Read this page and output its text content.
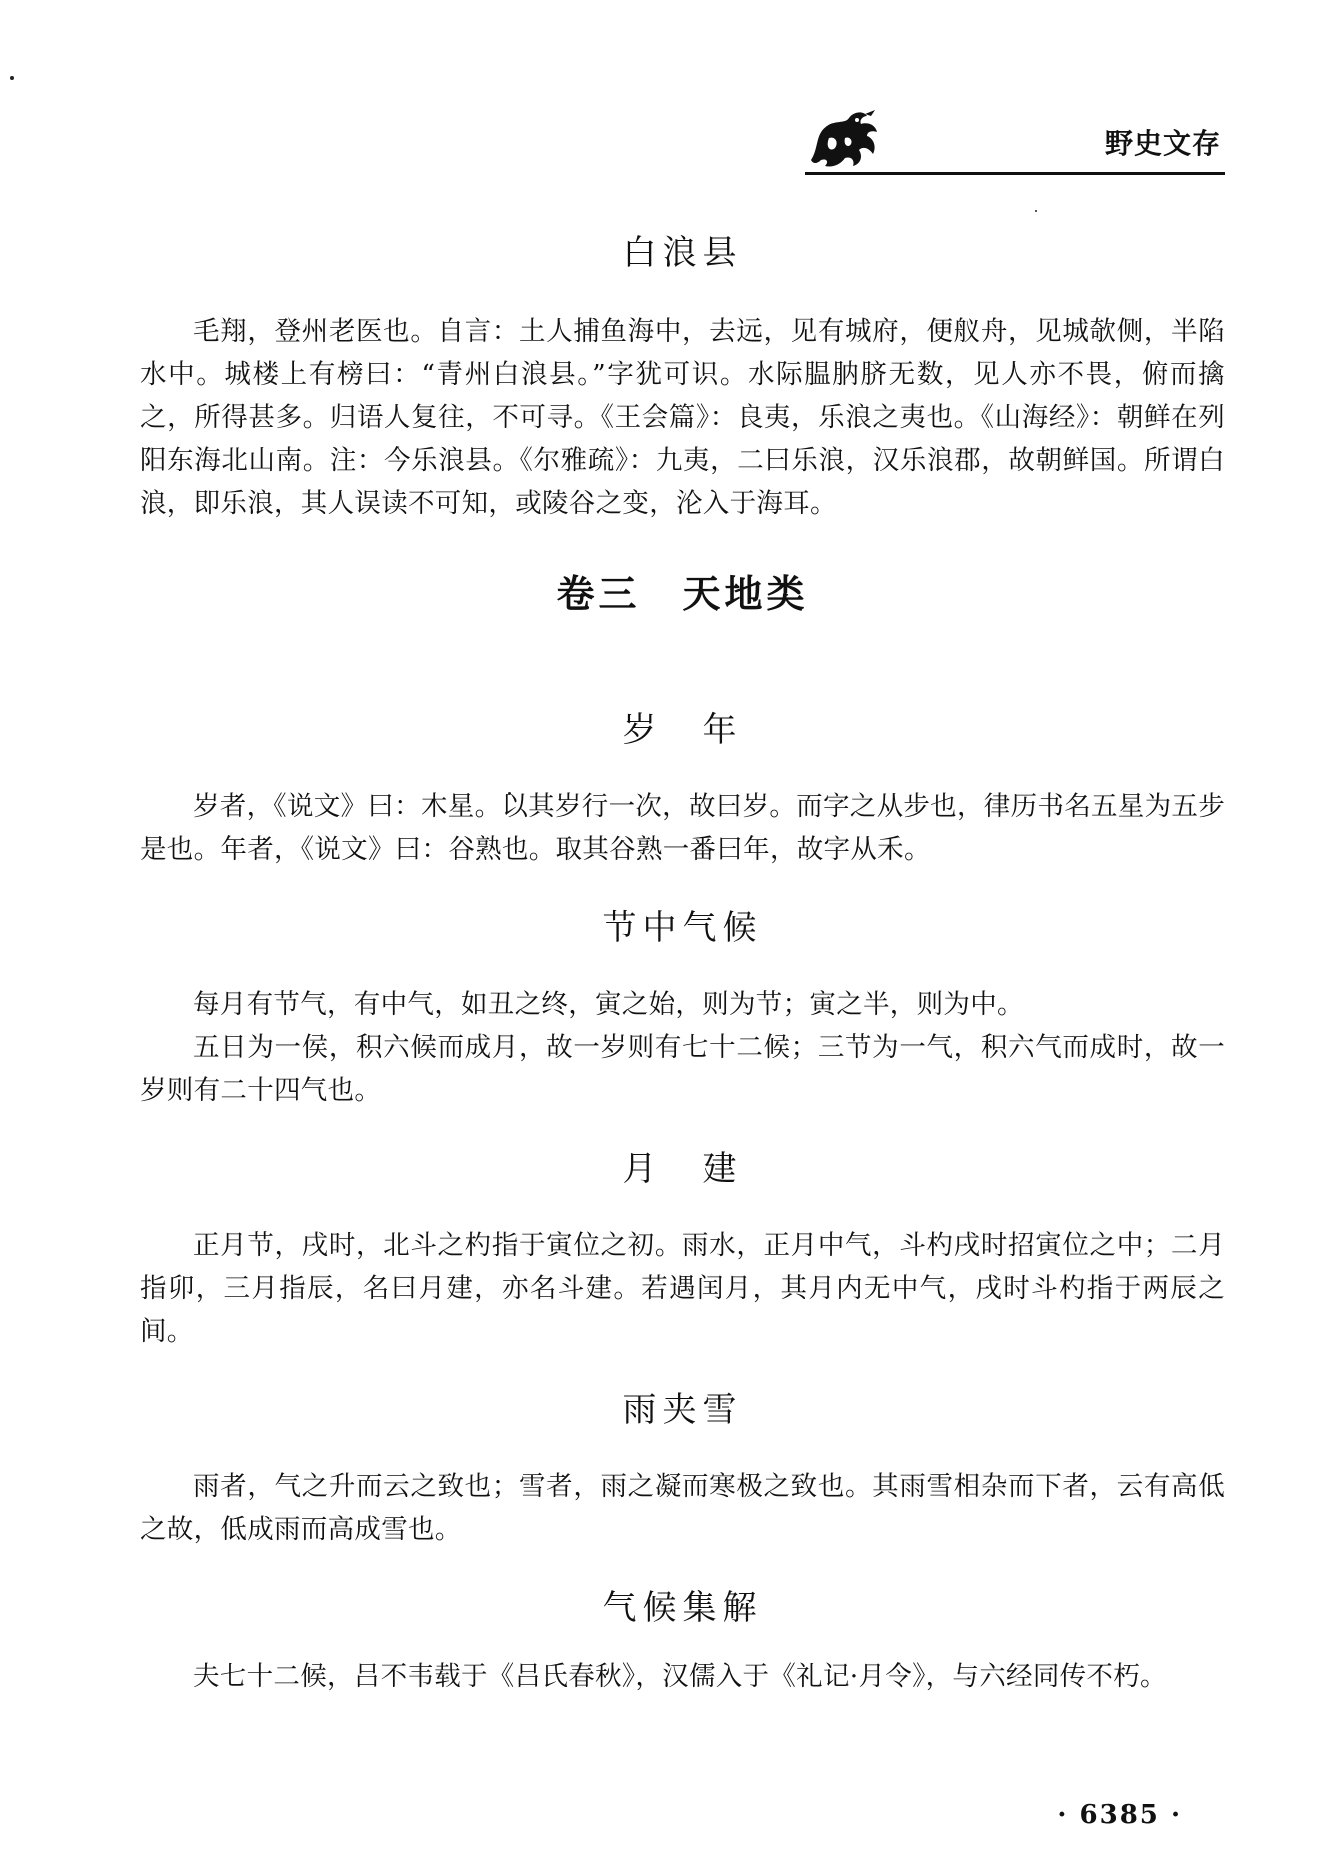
野史文存
白浪县

毛翔，登州老医也。自言：土人捕鱼海中，去远，见有城府，便舣舟，见城欹侧，半陷水中。城楼上有榜曰：“青州白浪县。”字犹可识。水际腽肭脐无数，见人亦不畏，俯而擒之，所得甚多。归语人复往，不可寻。《王会篇》：良夷，乐浪之夷也。《山海经》：朝鲜在列阳东海北山南。注：今乐浪县。《尔雅疏》：九夷，二曰乐浪，汉乐浪郡，故朝鲜国。所谓白浪，即乐浪，其人误读不可知，或陵谷之变，沦入于海耳。

卷三　天地类
岁　年

岁者，《说文》曰：木星。以其岁行一次，故曰岁。而字之从步也，律历书名五星为五步是也。年者，《说文》曰：谷熟也。取其谷熟一番曰年，故字从禾。

节中气候

每月有节气，有中气，如丑之终，寅之始，则为节；寅之半，则为中。

五日为一侯，积六候而成月，故一岁则有七十二候；三节为一气，积六气而成时，故一岁则有二十四气也。

月　建

正月节，戌时，北斗之杓指于寅位之初。雨水，正月中气，斗杓戌时招寅位之中；二月指卯，三月指辰，名曰月建，亦名斗建。若遇闰月，其月内无中气，戌时斗杓指于两辰之间。

雨夹雪

雨者，气之升而云之致也；雪者，雨之凝而寒极之致也。其雨雪相杂而下者，云有高低之故，低成雨而高成雪也。

气候集解

夫七十二候，吕不韦载于《吕氏春秋》，汉儒入于《礼记·月令》，与六经同传不朽。

· 6385 ·
